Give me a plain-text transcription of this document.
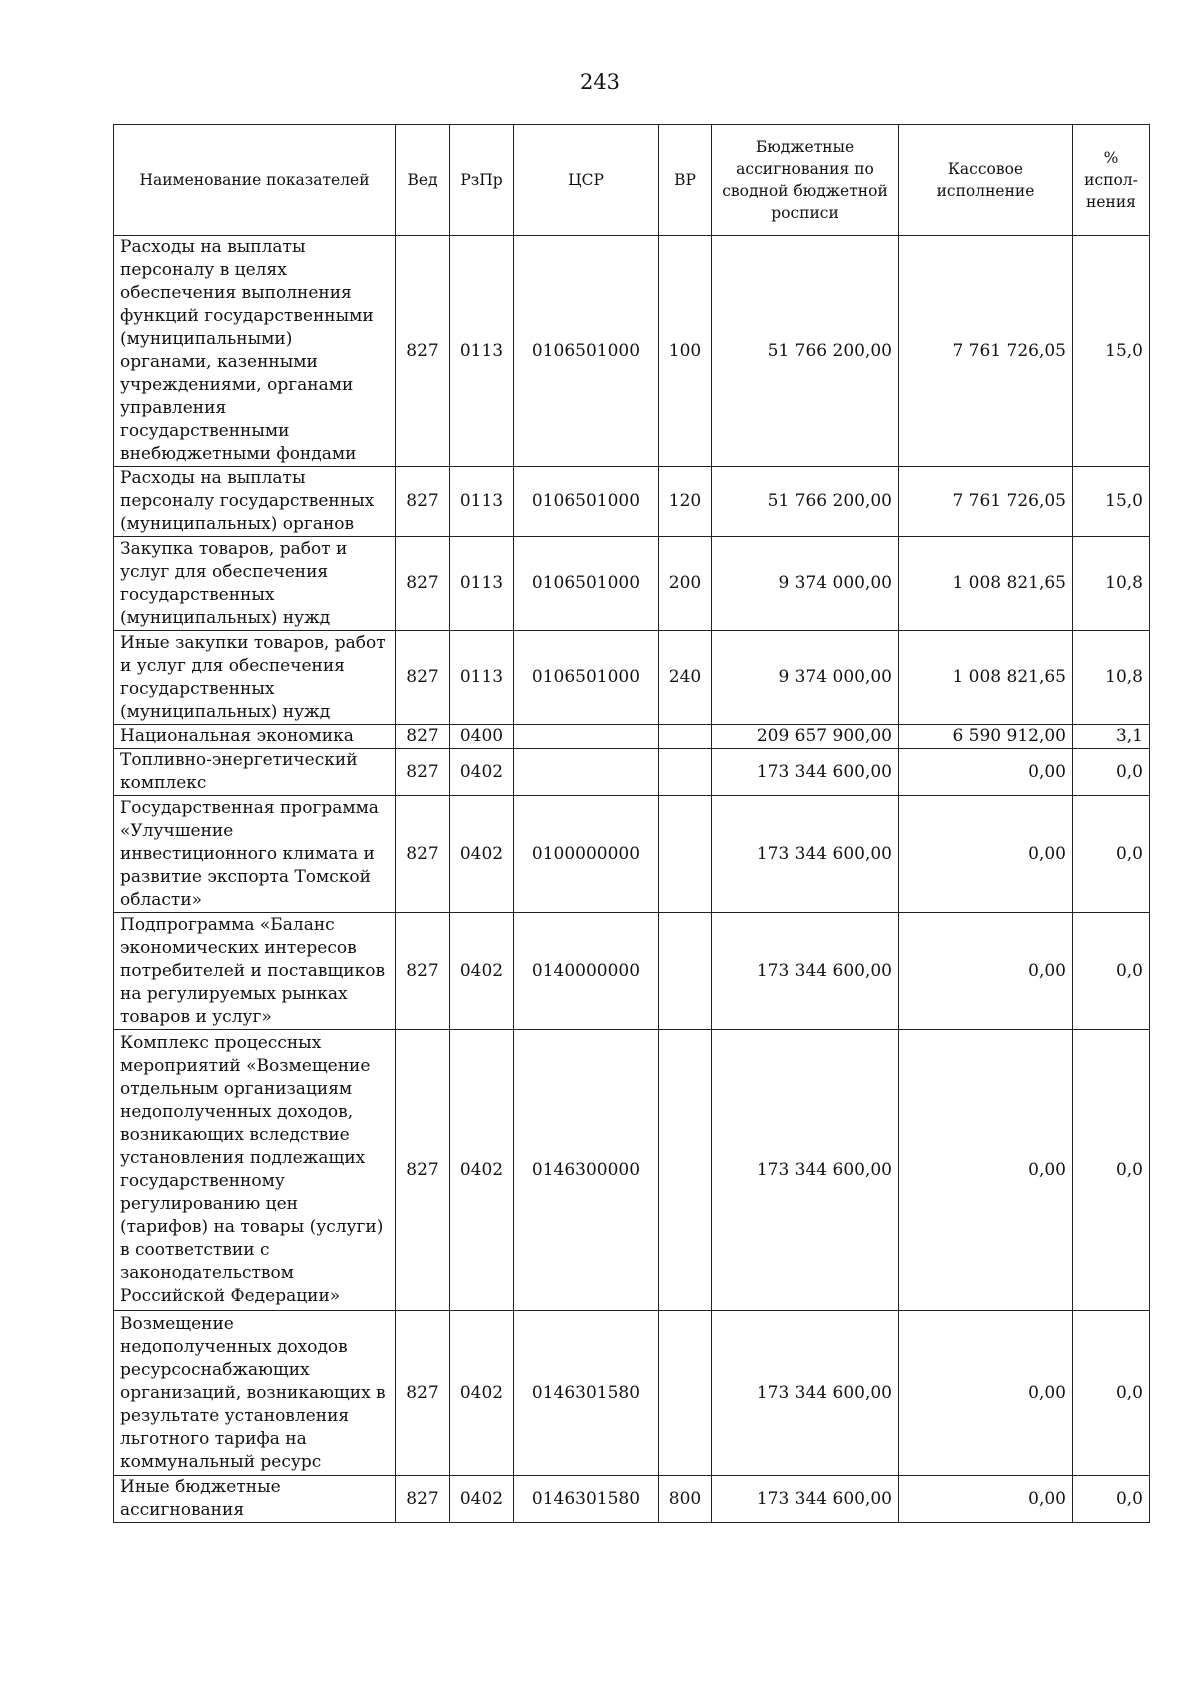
243
Наименование показателей	Вед	РзПр	ЦСР	ВР	Бюджетные ассигнования по сводной бюджетной росписи	Кассовое исполнение	% испол-нения
Расходы на выплаты персоналу в целях обеспечения выполнения функций государственными (муниципальными) органами, казенными учреждениями, органами управления государственными внебюджетными фондами	827	0113	0106501000	100	51 766 200,00	7 761 726,05	15,0
Расходы на выплаты персоналу государственных (муниципальных) органов	827	0113	0106501000	120	51 766 200,00	7 761 726,05	15,0
Закупка товаров, работ и услуг для обеспечения государственных (муниципальных) нужд	827	0113	0106501000	200	9 374 000,00	1 008 821,65	10,8
Иные закупки товаров, работ и услуг для обеспечения государственных (муниципальных) нужд	827	0113	0106501000	240	9 374 000,00	1 008 821,65	10,8
Национальная экономика	827	0400			209 657 900,00	6 590 912,00	3,1
Топливно-энергетический комплекс	827	0402			173 344 600,00	0,00	0,0
Государственная программа «Улучшение инвестиционного климата и развитие экспорта Томской области»	827	0402	0100000000		173 344 600,00	0,00	0,0
Подпрограмма «Баланс экономических интересов потребителей и поставщиков на регулируемых рынках товаров и услуг»	827	0402	0140000000		173 344 600,00	0,00	0,0
Комплекс процессных мероприятий «Возмещение отдельным организациям недополученных доходов, возникающих вследствие установления подлежащих государственному регулированию цен (тарифов) на товары (услуги) в соответствии с законодательством Российской Федерации»	827	0402	0146300000		173 344 600,00	0,00	0,0
Возмещение недополученных доходов ресурсоснабжающих организаций, возникающих в результате установления льготного тарифа на коммунальный ресурс	827	0402	0146301580		173 344 600,00	0,00	0,0
Иные бюджетные ассигнования	827	0402	0146301580	800	173 344 600,00	0,00	0,0
